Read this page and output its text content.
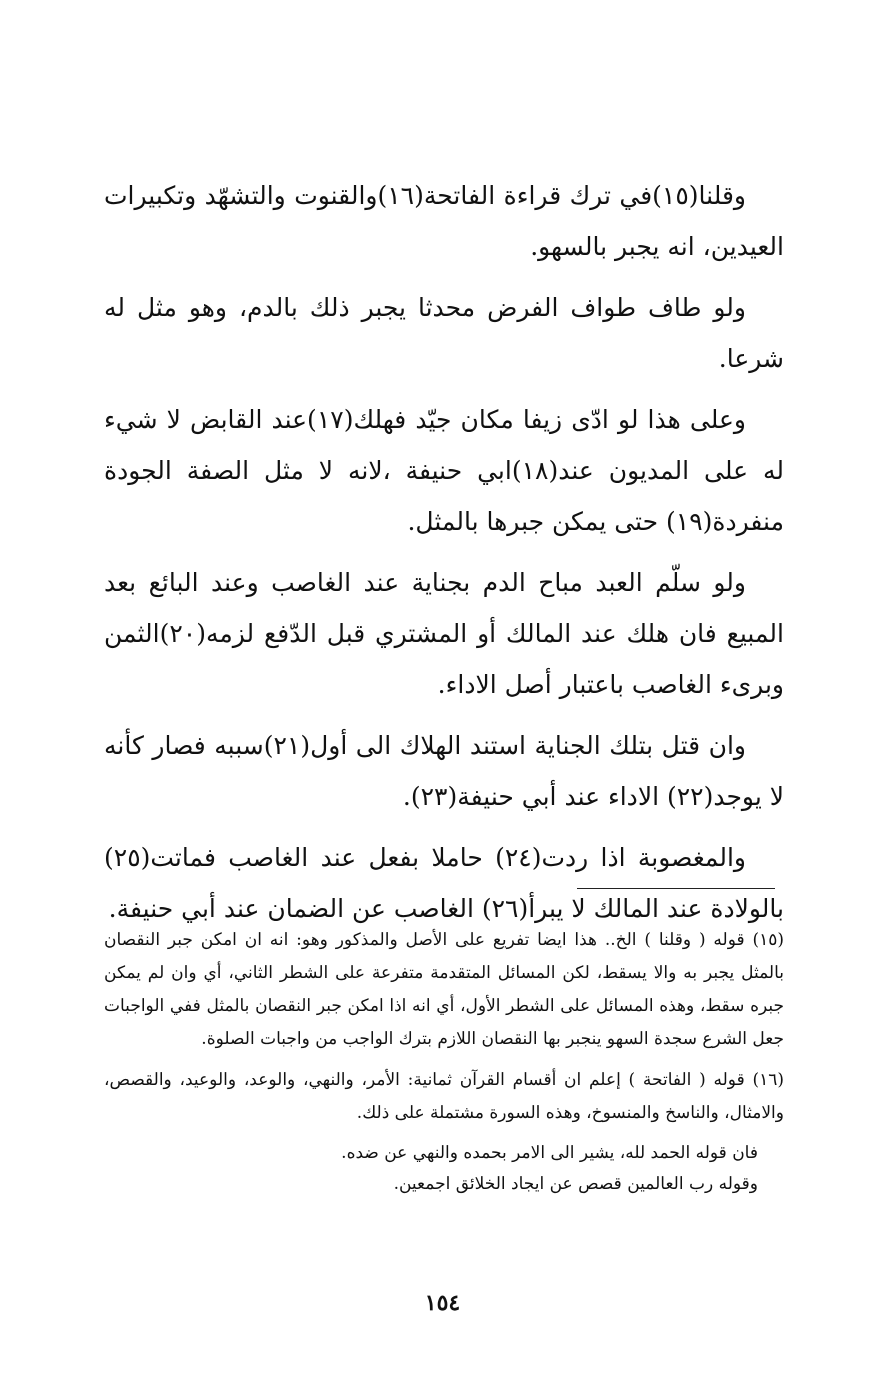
وقلنا(١٥)في ترك قراءة الفاتحة(١٦)والقنوت والتشهّد وتكبيرات العيدين، انه يجبر بالسهو.

ولو طاف طواف الفرض محدثا يجبر ذلك بالدم، وهو مثل له شرعا.

وعلى هذا لو ادّى زيفا مكان جيّد فهلك(١٧)عند القابض لا شيء له على المديون عند(١٨)ابي حنيفة ،لانه لا مثل الصفة الجودة منفردة(١٩) حتى يمكن جبرها بالمثل.

ولو سلّم العبد مباح الدم بجناية عند الغاصب وعند البائع بعد المبيع فان هلك عند المالك أو المشتري قبل الدّفع لزمه(٢٠)الثمن وبرىء الغاصب باعتبار أصل الاداء.

وان قتل بتلك الجناية استند الهلاك الى أول(٢١)سببه فصار كأنه لا يوجد(٢٢) الاداء عند أبي حنيفة(٢٣).

والمغصوبة اذا ردت(٢٤) حاملا بفعل عند الغاصب فماتت(٢٥) بالولادة عند المالك لا يبرأ(٢٦) الغاصب عن الضمان عند أبي حنيفة.

(١٥) قوله ( وقلنا ) الخ.. هذا ايضا تفريع على الأصل والمذكور وهو: انه ان امكن جبر النقصان بالمثل يجبر به والا يسقط، لكن المسائل المتقدمة متفرعة على الشطر الثاني، أي وان لم يمكن جبره سقط، وهذه المسائل على الشطر الأول، أي انه اذا امكن جبر النقصان بالمثل ففي الواجبات جعل الشرع سجدة السهو ينجبر بها النقصان اللازم بترك الواجب من واجبات الصلوة.

(١٦) قوله ( الفاتحة ) إعلم ان أقسام القرآن ثمانية: الأمر، والنهي، والوعد، والوعيد، والقصص، والامثال، والناسخ والمنسوخ، وهذه السورة مشتملة على ذلك.

فان قوله الحمد لله، يشير الى الامر بحمده والنهي عن ضده.

وقوله رب العالمين قصص عن ايجاد الخلائق اجمعين.

١٥٤
